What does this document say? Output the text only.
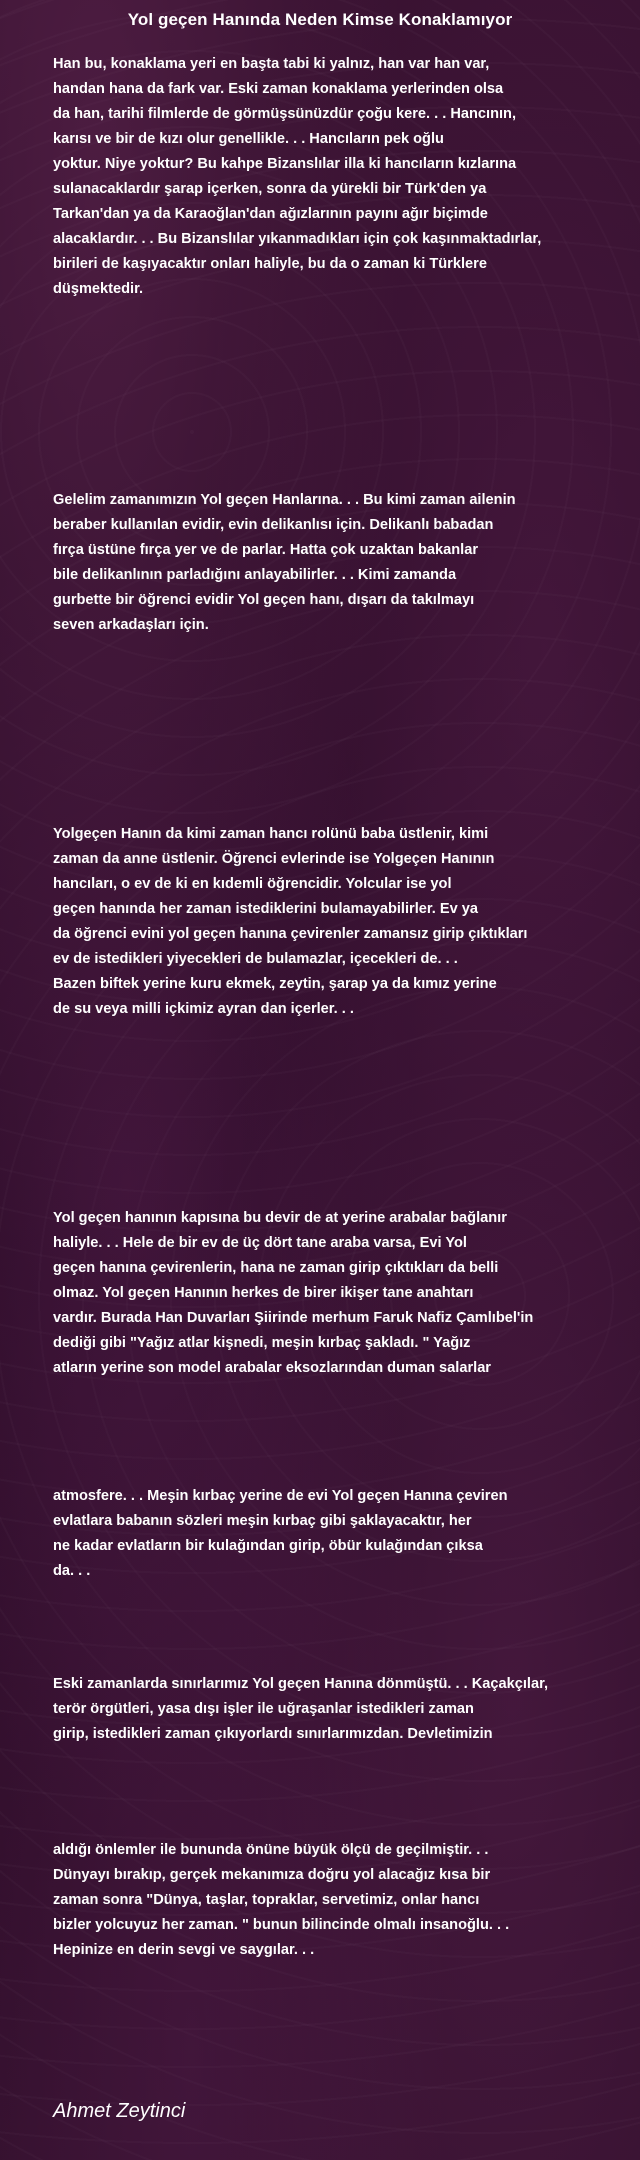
Yol geçen Hanında Neden Kimse Konaklamıyor
Han bu, konaklama yeri en başta tabi ki yalnız, han var han var,
handan hana da fark var. Eski zaman konaklama yerlerinden olsa
da han, tarihi filmlerde de görmüşsünüzdür çoğu kere. . . Hancının,
karısı ve bir de kızı olur genellikle. . . Hancıların pek oğlu
yoktur. Niye yoktur? Bu kahpe Bizanslılar illa ki hancıların kızlarına
sulanacaklardır şarap içerken, sonra da yürekli bir Türk'den ya
Tarkan'dan ya da Karaoğlan'dan ağızlarının payını ağır biçimde
alacaklardır. . . Bu Bizanslılar yıkanmadıkları için çok kaşınmaktadırlar,
birileri de kaşıyacaktır onları haliyle, bu da o zaman ki Türklere
düşmektedir.
Gelelim zamanımızın Yol geçen Hanlarına. . . Bu kimi zaman ailenin
beraber kullanılan evidir, evin delikanlısı için. Delikanlı babadan
fırça üstüne fırça yer ve de parlar. Hatta çok uzaktan bakanlar
bile delikanlının parladığını anlayabilirler. . . Kimi zamanda
gurbette bir öğrenci evidir Yol geçen hanı, dışarı da takılmayı
seven arkadaşları için.
Yolgeçen Hanın da kimi zaman hancı rolünü baba üstlenir, kimi
zaman da anne üstlenir. Öğrenci evlerinde ise Yolgeçen Hanının
hancıları, o ev de ki en kıdemli öğrencidir. Yolcular ise yol
geçen hanında her zaman istediklerini bulamayabilirler. Ev ya
da öğrenci evini yol geçen hanına çevirenler zamansız girip çıktıkları
ev de istedikleri yiyecekleri de bulamazlar, içecekleri de. . .
Bazen biftek yerine kuru ekmek, zeytin, şarap ya da kımız yerine
de su veya milli içkimiz ayran dan içerler. . .
Yol geçen hanının kapısına bu devir de at yerine arabalar bağlanır
haliyle. . . Hele de bir ev de üç dört tane araba varsa, Evi Yol
geçen hanına çevirenlerin, hana ne zaman girip çıktıkları da belli
olmaz. Yol geçen Hanının herkes de birer ikişer tane anahtarı
vardır. Burada Han Duvarları Şiirinde merhum Faruk Nafiz Çamlıbel'in
dediği gibi "Yağız atlar kişnedi, meşin kırbaç şakladı. " Yağız
atların yerine son model arabalar eksozlarından duman salarlar
atmosfere. . . Meşin kırbaç yerine de evi Yol geçen Hanına çeviren
evlatlara babanın sözleri meşin kırbaç gibi şaklayacaktır, her
ne kadar evlatların bir kulağından girip, öbür kulağından çıksa
da. . .
Eski zamanlarda sınırlarımız Yol geçen Hanına dönmüştü. . . Kaçakçılar,
terör örgütleri, yasa dışı işler ile uğraşanlar istedikleri zaman
girip, istedikleri zaman çıkıyorlardı sınırlarımızdan. Devletimizin
aldığı önlemler ile bununda önüne büyük ölçü de geçilmiştir. . .
Dünyayı bırakıp, gerçek mekanımıza doğru yol alacağız kısa bir
zaman sonra "Dünya, taşlar, topraklar, servetimiz, onlar hancı
bizler yolcuyuz her zaman. " bunun bilincinde olmalı insanoğlu. . .
Hepinize en derin sevgi ve saygılar. . .
Ahmet Zeytinci
